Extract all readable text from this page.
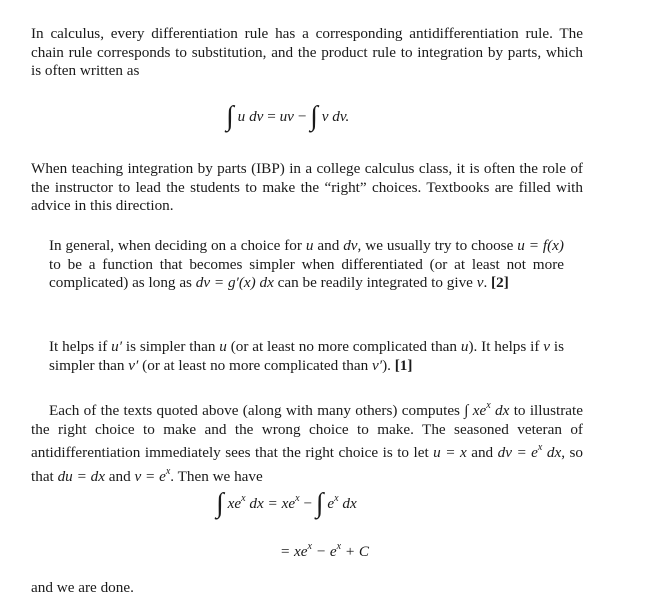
In calculus, every differentiation rule has a corresponding antidifferentiation rule. The chain rule corresponds to substitution, and the product rule to integration by parts, which is often written as

∫ u dv = uv − ∫ v dv.

When teaching integration by parts (IBP) in a college calculus class, it is often the role of the instructor to lead the students to make the “right” choices. Textbooks are filled with advice in this direction.

In general, when deciding on a choice for u and dv, we usually try to choose u = f(x) to be a function that becomes simpler when differentiated (or at least not more complicated) as long as dv = g′(x) dx can be readily integrated to give v. [2]

It helps if u′ is simpler than u (or at least no more complicated than u). It helps if v is simpler than v′ (or at least no more complicated than v′). [1]

Each of the texts quoted above (along with many others) computes ∫ $xe^x$ dx to illustrate the right choice to make and the wrong choice to make. The seasoned veteran of antidifferentiation immediately sees that the right choice is to let u = x and dv = $e^x$ dx, so that du = dx and $v = e^x$. Then we have

∫ $xe^x$ dx = $xe^x$ − ∫ $e^x$ dx
= $xe^x - e^x + C$

and we are done.
